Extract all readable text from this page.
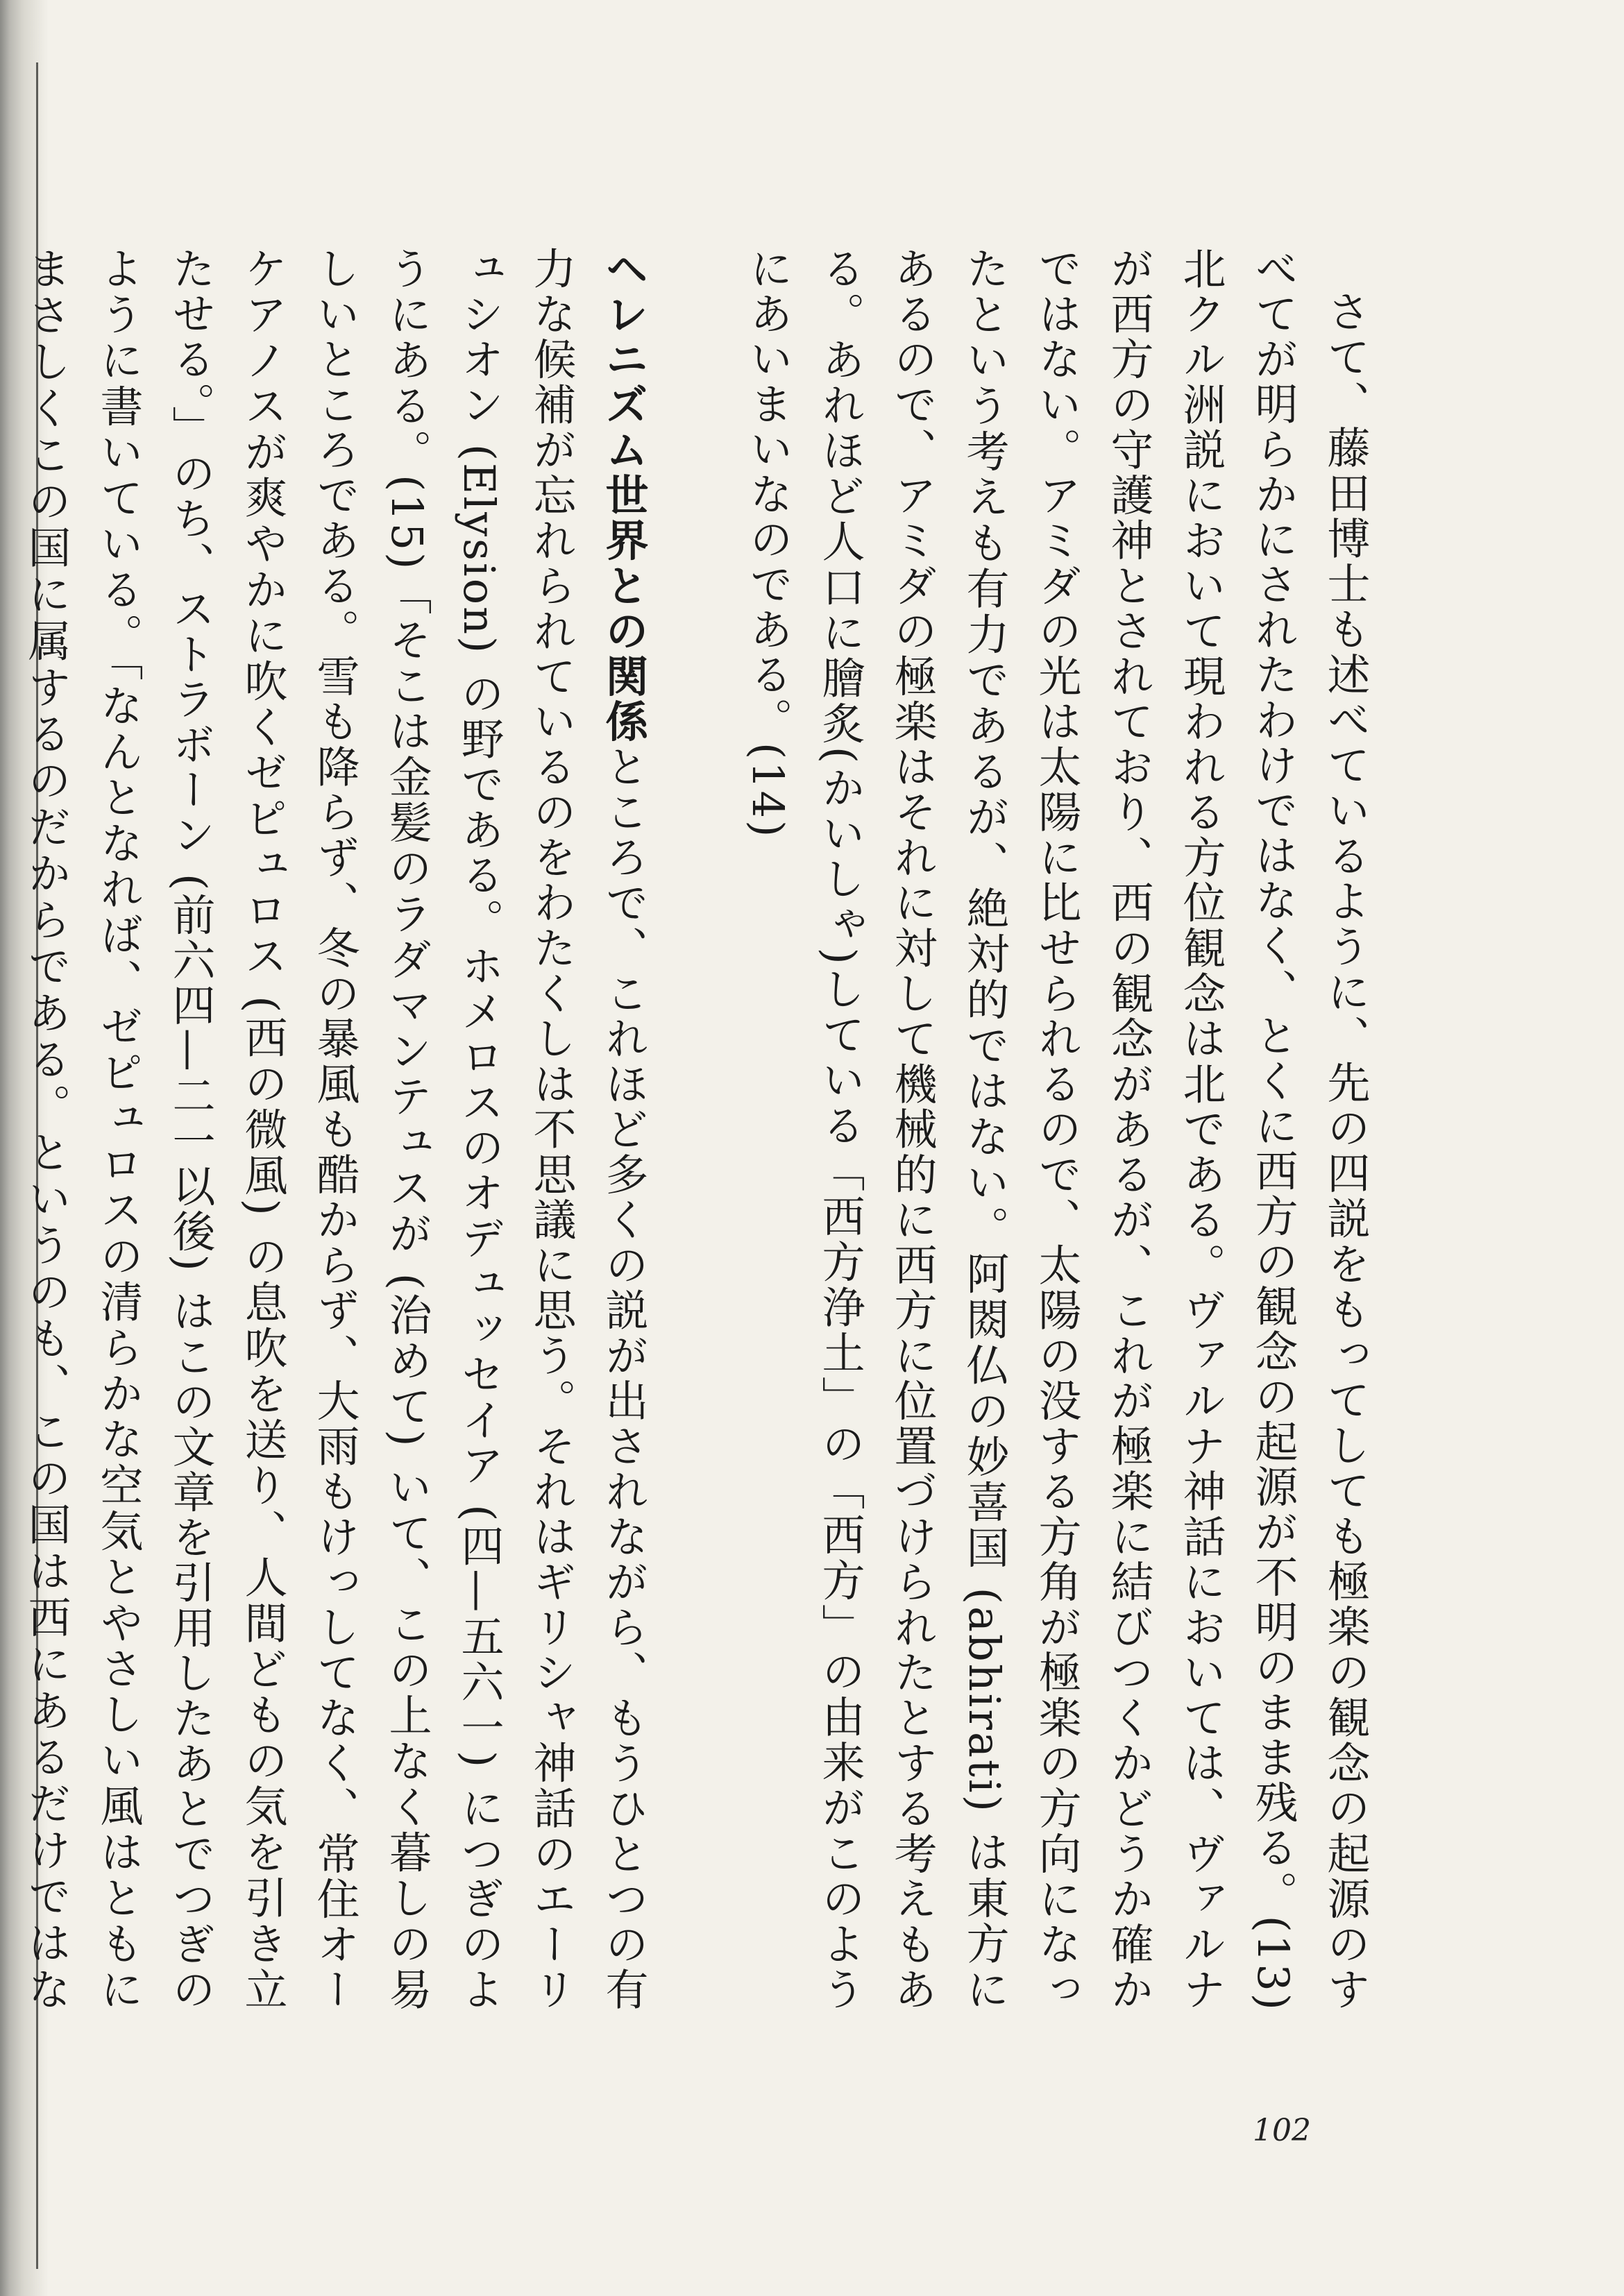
さて、藤田博士も述べているように、先の四説をもってしても極楽の観念の起源のすべてが明らかにされたわけではなく、とくに西方の観念の起源が不明のまま残る。(13) 北クル洲説において現われる方位観念は北である。ヴァルナ神話においては、ヴァルナが西方の守護神とされており、西の観念があるが、これが極楽に結びつくかどうか確かではない。アミダの光は太陽に比せられるので、太陽の没する方角が極楽の方向になったという考えも有力であるが、絶対的ではない。阿閦仏の妙喜国 (abhirati) は東方にあるので、アミダの極楽はそれに対して機械的に西方に位置づけられたとする考えもある。あれほど人口に膾炙(かいしゃ)している「西方浄土」の「西方」の由来がこのようにあいまいなのである。(14)

ヘレニズム世界との関係ところで、これほど多くの説が出されながら、もうひとつの有力な候補が忘れられているのをわたくしは不思議に思う。それはギリシャ神話のエーリュシオン (Elysion) の野である。ホメロスのオデュッセイア (四—五六一) につぎのようにある。(15)「そこは金髪のラダマンテュスが (治めて) いて、この上なく暮しの易しいところである。雪も降らず、冬の暴風も酷からず、大雨もけっしてなく、常住オーケアノスが爽やかに吹くゼピュロス (西の微風) の息吹を送り、人間どもの気を引き立たせる。」のち、ストラボーン (前六四—二一以後) はこの文章を引用したあとでつぎのように書いている。「なんとなれば、ゼピュロスの清らかな空気とやさしい風はともにまさしくこの国に属するのだからである。というのも、この国は西にあるだけではな

102
